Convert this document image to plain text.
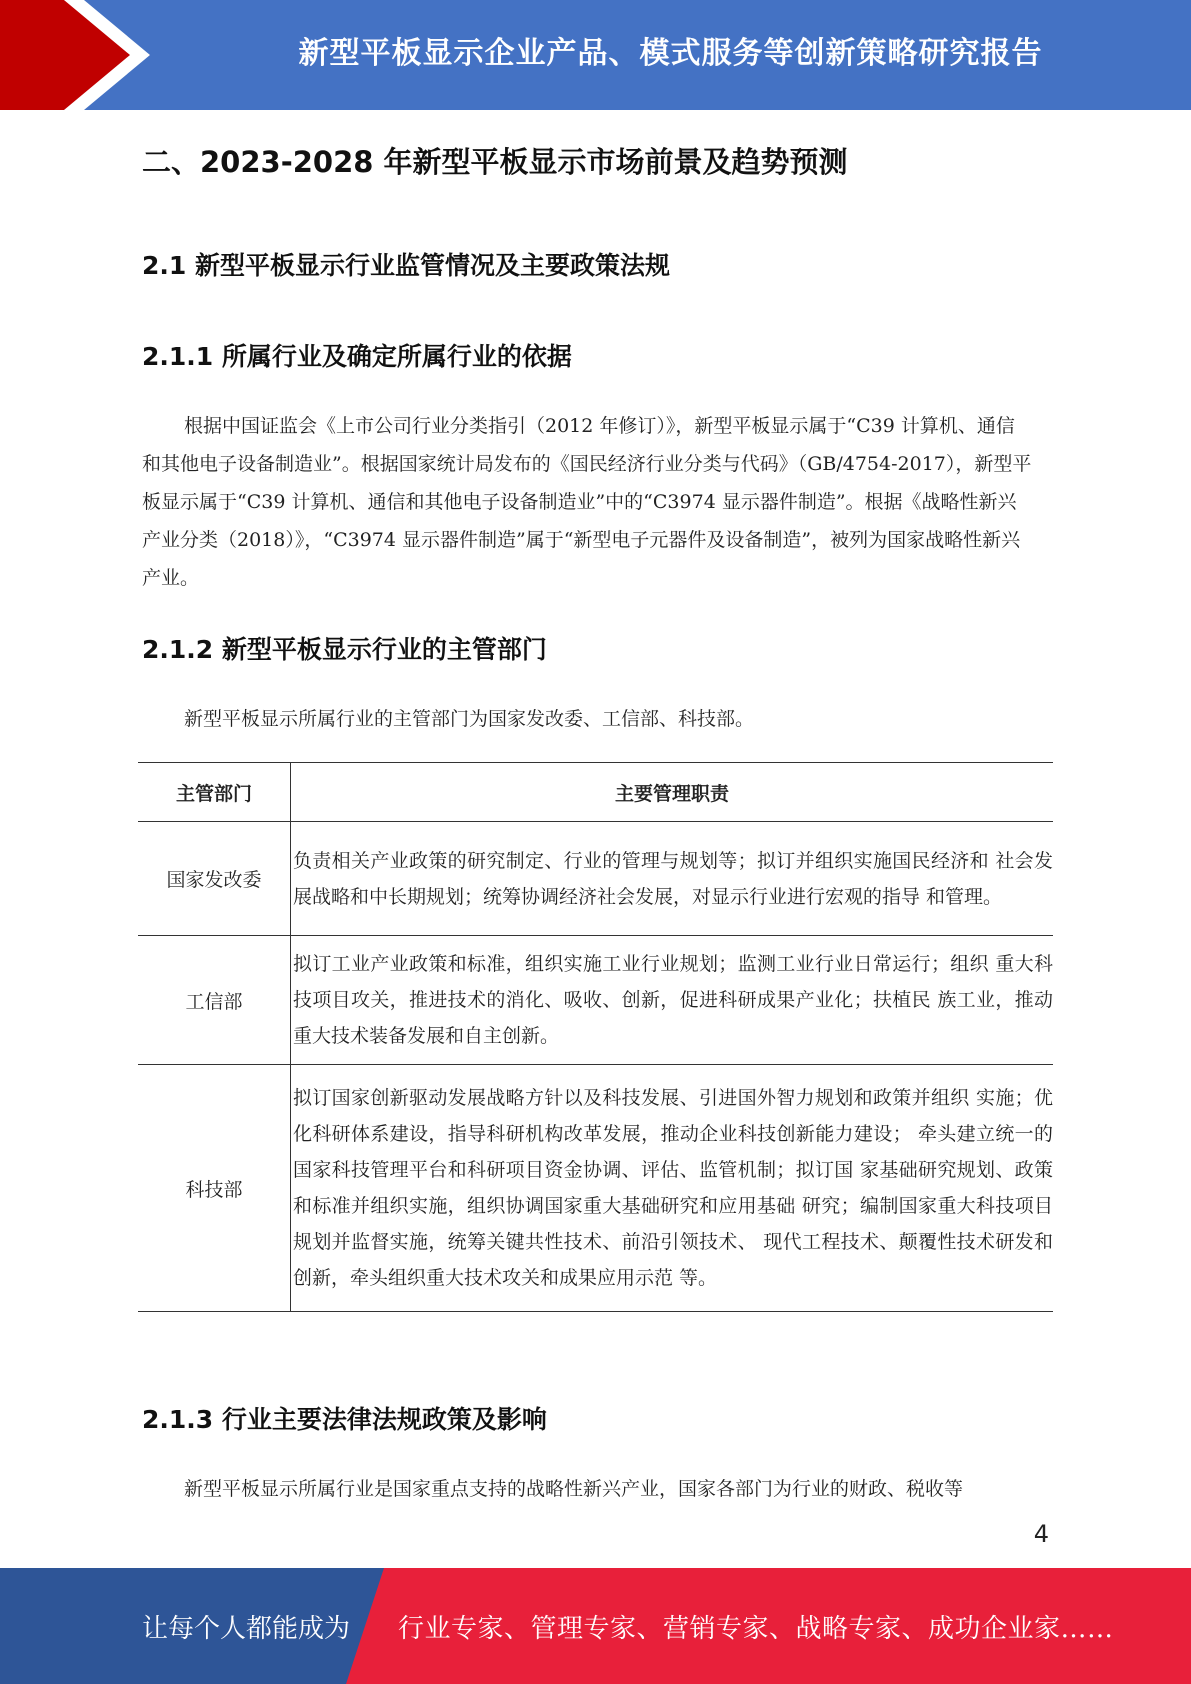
新型平板显示企业产品、模式服务等创新策略研究报告
二、2023-2028 年新型平板显示市场前景及趋势预测
2.1 新型平板显示行业监管情况及主要政策法规
2.1.1 所属行业及确定所属行业的依据
根据中国证监会《上市公司行业分类指引（2012 年修订）》，新型平板显示属于“C39 计算机、通信和其他电子设备制造业”。根据国家统计局发布的《国民经济行业分类与代码》（GB/4754-2017），新型平板显示属于“C39 计算机、通信和其他电子设备制造业”中的“C3974 显示器件制造”。根据《战略性新兴产业分类（2018）》，“C3974 显示器件制造”属于“新型电子元器件及设备制造”，被列为国家战略性新兴产业。
2.1.2 新型平板显示行业的主管部门
新型平板显示所属行业的主管部门为国家发改委、工信部、科技部。
主管部门	主要管理职责
国家发改委	负责相关产业政策的研究制定、行业的管理与规划等；拟订并组织实施国民经济和 社会发展战略和中长期规划；统筹协调经济社会发展，对显示行业进行宏观的指导 和管理。
工信部	拟订工业产业政策和标准，组织实施工业行业规划；监测工业行业日常运行；组织 重大科技项目攻关，推进技术的消化、吸收、创新，促进科研成果产业化；扶植民 族工业，推动重大技术装备发展和自主创新。
科技部	拟订国家创新驱动发展战略方针以及科技发展、引进国外智力规划和政策并组织 实施；优化科研体系建设，指导科研机构改革发展，推动企业科技创新能力建设； 牵头建立统一的国家科技管理平台和科研项目资金协调、评估、监管机制；拟订国 家基础研究规划、政策和标准并组织实施，组织协调国家重大基础研究和应用基础 研究；编制国家重大科技项目规划并监督实施，统筹关键共性技术、前沿引领技术、 现代工程技术、颠覆性技术研发和创新，牵头组织重大技术攻关和成果应用示范 等。
2.1.3 行业主要法律法规政策及影响
新型平板显示所属行业是国家重点支持的战略性新兴产业，国家各部门为行业的财政、税收等
4
让每个人都能成为 行业专家、管理专家、营销专家、战略专家、成功企业家……
